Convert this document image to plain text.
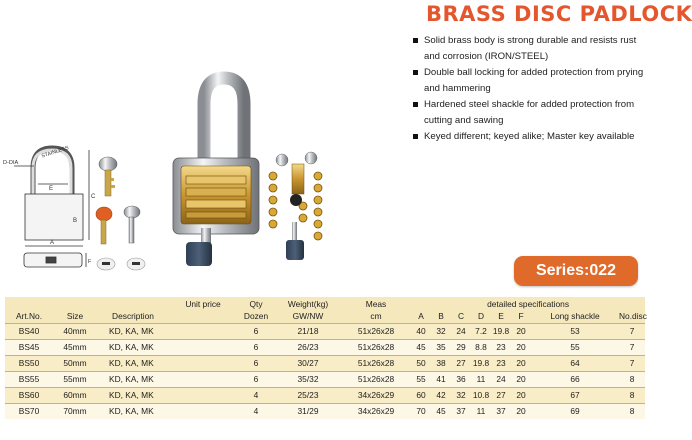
BRASS DISC PADLOCK
Solid brass body is strong durable and resists rust and corrosion (IRON/STEEL)
Double ball locking for added protection from prying and hammering
Hardened steel shackle for added protection from cutting and sawing
Keyed different; keyed alike; Master key available
D-DIA
STAINLESS
E
B
C
A
F	Series:022
			Unit price	Qty	Weight(kg)	Meas	detailed specifications							
Art.No.	Size	Description		Dozen	GW/NW	cm	A	B	C	D	E	F	Long shackle	No.disc
BS40	40mm	KD, KA, MK		6	21/18	51x26x28	40	32	24	7.2	19.8	20	53	7
BS45	45mm	KD, KA, MK		6	26/23	51x26x28	45	35	29	8.8	23	20	55	7
BS50	50mm	KD, KA, MK		6	30/27	51x26x28	50	38	27	19.8	23	20	64	7
BS55	55mm	KD, KA, MK		6	35/32	51x26x28	55	41	36	11	24	20	66	8
BS60	60mm	KD, KA, MK		4	25/23	34x26x29	60	42	32	10.8	27	20	67	8
BS70	70mm	KD, KA, MK		4	31/29	34x26x29	70	45	37	11	37	20	69	8
